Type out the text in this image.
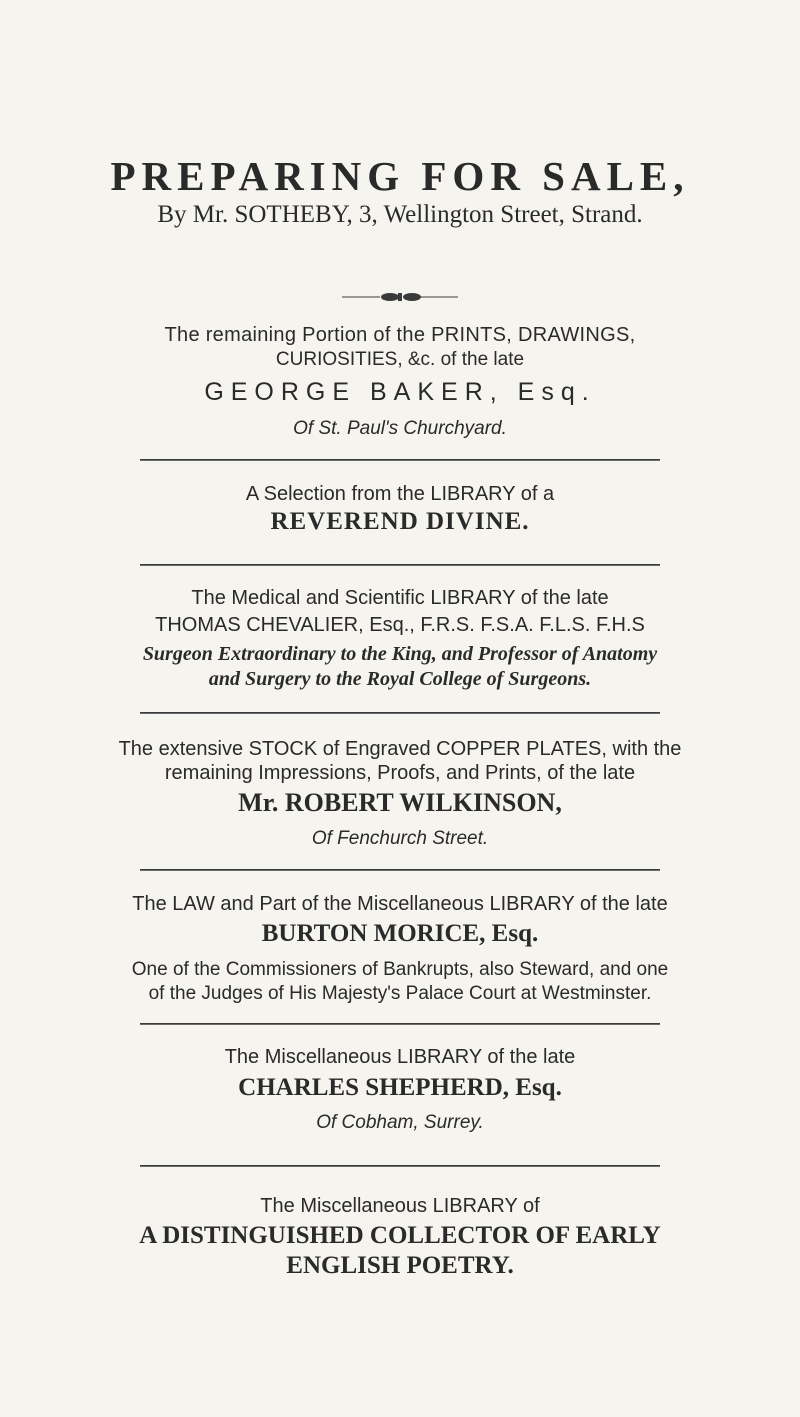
PREPARING FOR SALE,
By Mr. SOTHEBY, 3, Wellington Street, Strand.
The remaining Portion of the PRINTS, DRAWINGS,
CURIOSITIES, &c. of the late
GEORGE BAKER, Esq.
Of St. Paul's Churchyard.
A Selection from the LIBRARY of a
REVEREND DIVINE.
The Medical and Scientific LIBRARY of the late
THOMAS CHEVALIER, Esq., F.R.S. F.S.A. F.L.S. F.H.S
Surgeon Extraordinary to the King, and Professor of Anatomy
and Surgery to the Royal College of Surgeons.
The extensive STOCK of Engraved COPPER PLATES, with the
remaining Impressions, Proofs, and Prints, of the late
Mr. ROBERT WILKINSON,
Of Fenchurch Street.
The LAW and Part of the Miscellaneous LIBRARY of the late
BURTON MORICE, Esq.
One of the Commissioners of Bankrupts, also Steward, and one
of the Judges of His Majesty's Palace Court at Westminster.
The Miscellaneous LIBRARY of the late
CHARLES SHEPHERD, Esq.
Of Cobham, Surrey.
The Miscellaneous LIBRARY of
A DISTINGUISHED COLLECTOR OF EARLY
ENGLISH POETRY.
